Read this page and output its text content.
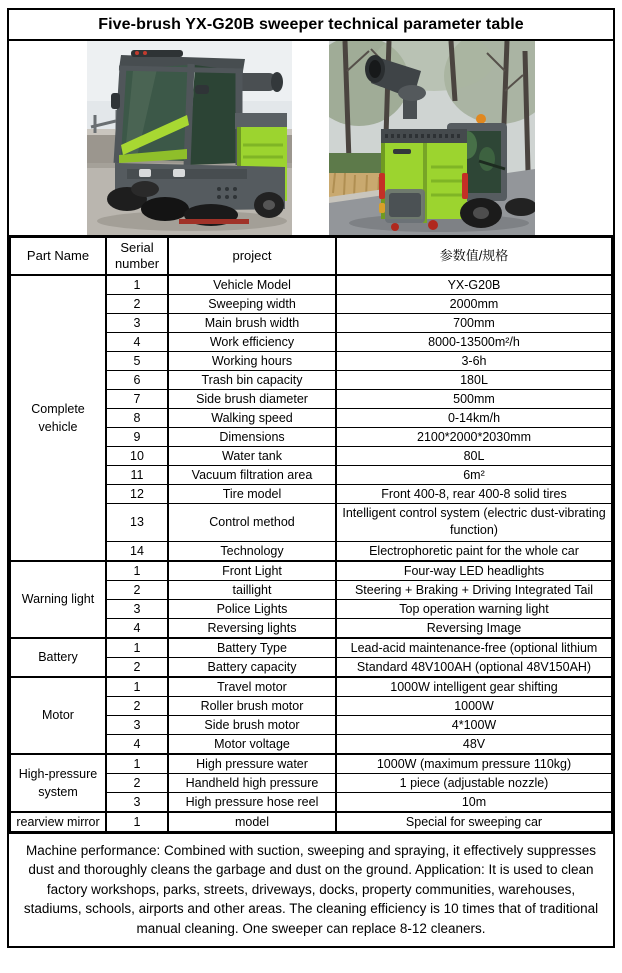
Five-brush YX-G20B sweeper technical parameter table
Part Name	Serial number	project	参数值/规格
Complete vehicle	1	Vehicle Model	YX-G20B
	2	Sweeping width	2000mm
	3	Main brush width	700mm
	4	Work efficiency	8000-13500m²/h
	5	Working hours	3-6h
	6	Trash bin capacity	180L
	7	Side brush diameter	500mm
	8	Walking speed	0-14km/h
	9	Dimensions	2100*2000*2030mm
	10	Water tank	80L
	11	Vacuum filtration area	6m²
	12	Tire model	Front 400-8, rear 400-8 solid tires
	13	Control method	Intelligent control system (electric dust-vibrating function)
	14	Technology	Electrophoretic paint for the whole car
Warning light	1	Front Light	Four-way LED headlights
	2	taillight	Steering + Braking + Driving Integrated Tail
	3	Police Lights	Top operation warning light
	4	Reversing lights	Reversing Image
Battery	1	Battery Type	Lead-acid maintenance-free (optional lithium
	2	Battery capacity	Standard 48V100AH (optional 48V150AH)
Motor	1	Travel motor	1000W intelligent gear shifting
	2	Roller brush motor	1000W
	3	Side brush motor	4*100W
	4	Motor voltage	48V
High-pressure system	1	High pressure water	1000W (maximum pressure 110kg)
	2	Handheld high pressure	1 piece (adjustable nozzle)
	3	High pressure hose reel	10m
rearview mirror	1	model	Special for sweeping car
Machine performance: Combined with suction, sweeping and spraying, it effectively suppresses dust and thoroughly cleans the garbage and dust on the ground. Application: It is used to clean factory workshops, parks, streets, driveways, docks, property communities, warehouses, stadiums, schools, airports and other areas. The cleaning efficiency is 10 times that of traditional manual cleaning. One sweeper can replace 8-12 cleaners.
